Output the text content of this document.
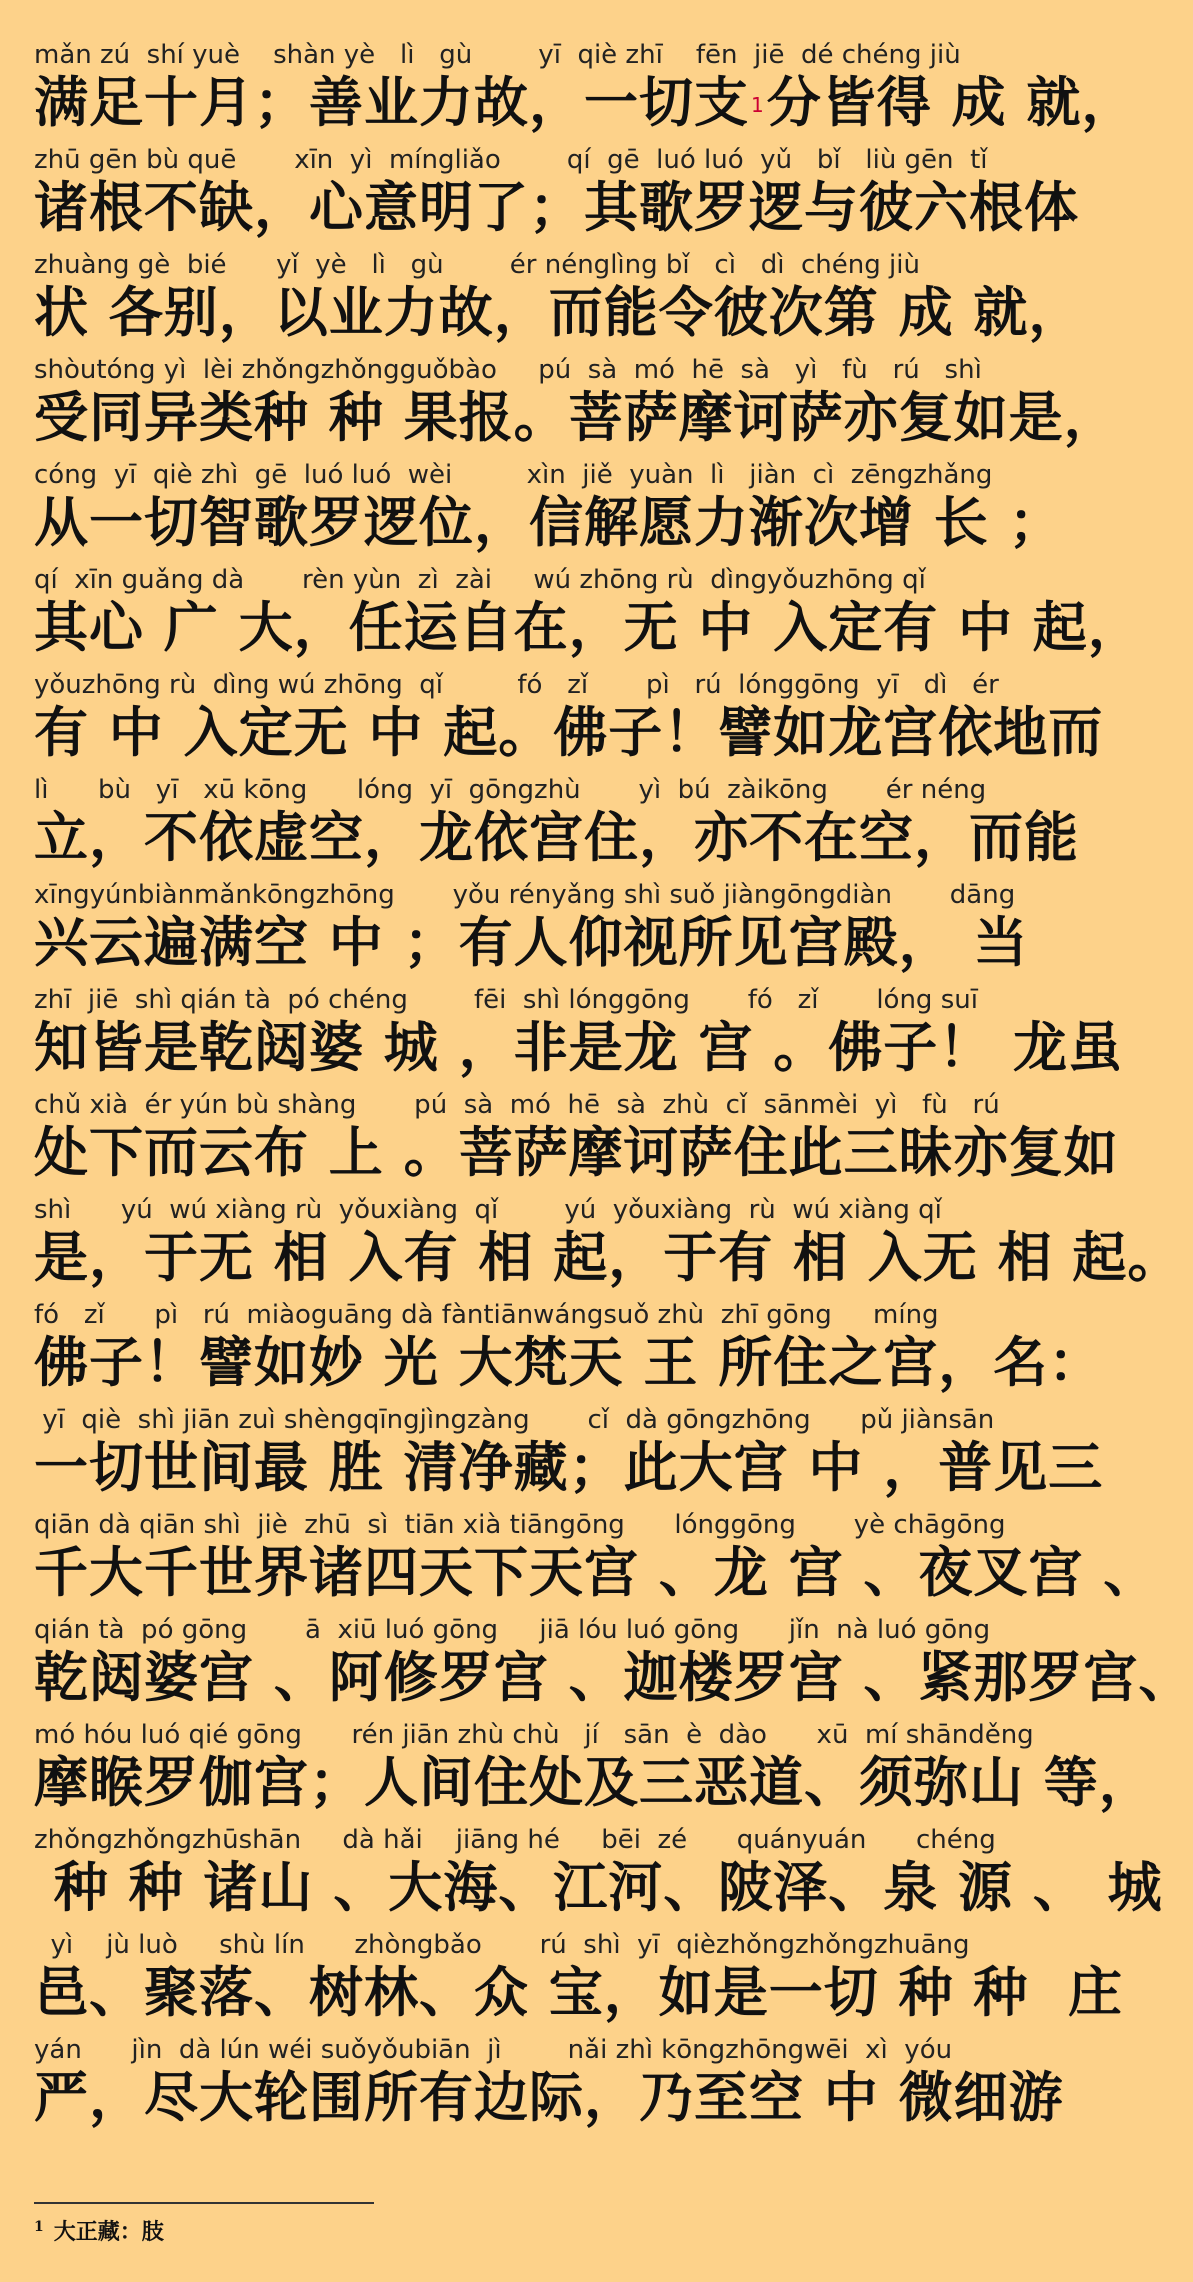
mǎn zú  shí yuè    shàn yè   lì   gù        yī  qiè zhī    fēn  jiē  dé chéng jiù
满足十月；善业力故，一切支 $^1$分皆得 成 就，
zhū gēn bù quē       xīn  yì  míngliǎo        qí  gē  luó luó  yǔ   bǐ   liù gēn  tǐ
诸根不缺，心意明了；其歌罗逻与彼六根体
zhuàng gè  bié      yǐ  yè   lì   gù        ér nénglìng bǐ   cì   dì  chéng jiù
状 各别，以业力故，而能令彼次第 成 就，
shòutóng yì  lèi zhǒngzhǒngguǒbào     pú  sà  mó  hē  sà   yì   fù   rú   shì
受同异类种 种 果报。菩萨摩诃萨亦复如是，
cóng  yī  qiè zhì  gē  luó luó  wèi         xìn  jiě  yuàn  lì   jiàn  cì  zēngzhǎng
从一切智歌罗逻位，信解愿力渐次增 长 ；
qí  xīn guǎng dà       rèn yùn  zì  zài     wú zhōng rù  dìngyǒuzhōng qǐ
其心 广 大，任运自在，无 中 入定有 中 起，
yǒuzhōng rù  dìng wú zhōng  qǐ         fó   zǐ       pì   rú  lónggōng  yī   dì   ér
有 中 入定无 中 起。佛子！譬如龙宫依地而
lì      bù   yī   xū kōng      lóng  yī  gōngzhù       yì  bú  zàikōng       ér néng
立，不依虚空，龙依宫住，亦不在空，而能
xīngyúnbiànmǎnkōngzhōng       yǒu rényǎng shì suǒ jiàngōngdiàn       dāng
兴云遍满空 中 ；有人仰视所见宫殿， 当
zhī  jiē  shì qián tà  pó chéng        fēi  shì lónggōng       fó   zǐ       lóng suī
知皆是乾闼婆 城 ，非是龙 宫 。佛子！ 龙虽
chǔ xià  ér yún bù shàng       pú  sà  mó  hē  sà  zhù  cǐ  sānmèi  yì   fù   rú
处下而云布 上 。菩萨摩诃萨住此三昧亦复如
shì      yú  wú xiàng rù  yǒuxiàng  qǐ        yú  yǒuxiàng  rù  wú xiàng qǐ
是，于无 相 入有 相 起，于有 相 入无 相 起。
fó   zǐ      pì   rú  miàoguāng dà fàntiānwángsuǒ zhù  zhī gōng     míng
佛子！譬如妙 光 大梵天 王 所住之宫，名：
yī  qiè  shì jiān zuì shèngqīngjìngzàng       cǐ  dà gōngzhōng      pǔ jiànsān
一切世间最 胜 清净藏；此大宫 中 ，普见三
qiān dà qiān shì  jiè  zhū  sì  tiān xià tiāngōng      lónggōng       yè chāgōng
千大千世界诸四天下天宫 、龙 宫 、夜叉宫 、
qián tà  pó gōng       ā  xiū luó gōng     jiā lóu luó gōng      jǐn  nà luó gōng
乾闼婆宫 、阿修罗宫 、迦楼罗宫 、紧那罗宫、
mó hóu luó qié gōng      rén jiān zhù chù   jí   sān  è  dào      xū  mí shānděng
摩睺罗伽宫；人间住处及三恶道、须弥山 等，
zhǒngzhǒngzhūshān     dà hǎi    jiāng hé     bēi  zé      quányuán      chéng
种 种 诸山 、大海、江河、陂泽、泉 源 、 城
yì    jù luò     shù lín      zhòngbǎo       rú  shì  yī  qièzhǒngzhǒngzhuāng
邑、聚落、树林、众 宝，如是一切 种 种  庄
yán      jìn  dà lún wéi suǒyǒubiān  jì        nǎi zhì kōngzhōngwēi  xì  yóu
严，尽大轮围所有边际，乃至空 中 微细游
$^1$ 大正藏：肢
